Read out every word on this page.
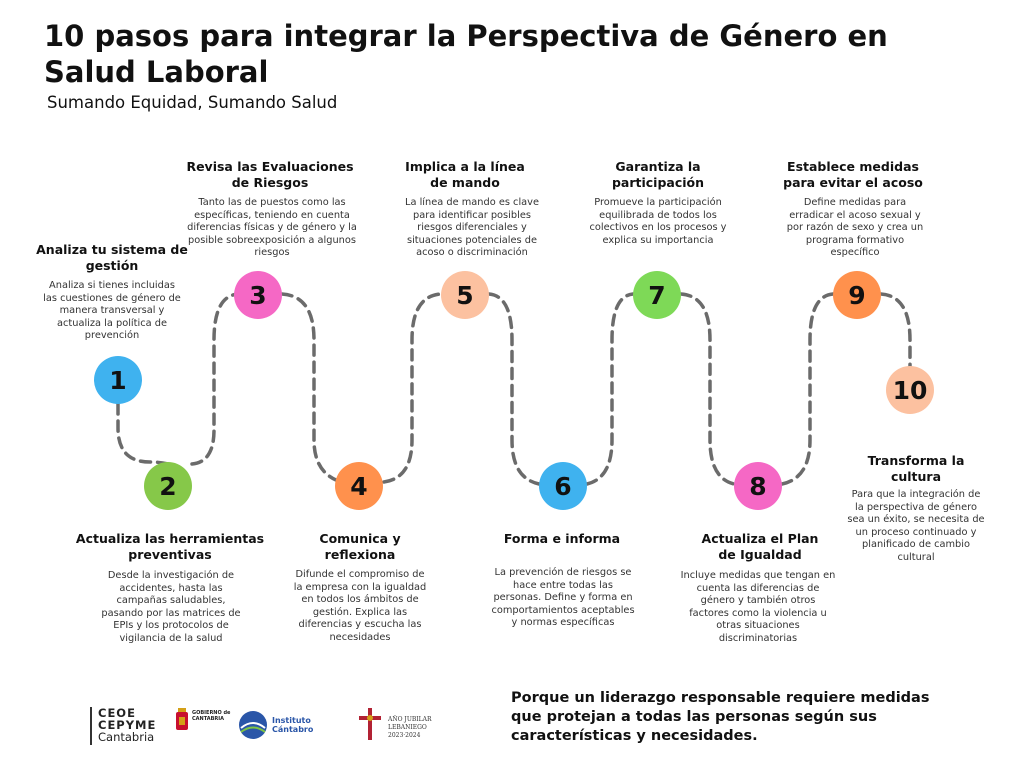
10 pasos para integrar la Perspectiva de Género en Salud Laboral
Sumando Equidad, Sumando Salud
1
2
3
4
5
6
7
8
9
10
Analiza tu sistema de gestión
Analiza si tienes incluidas las cuestiones de género de manera transversal y actualiza la política de prevención
Actualiza las herramientas preventivas
Desde la investigación de accidentes, hasta las campañas saludables, pasando por las matrices de EPIs y los protocolos de vigilancia de la salud
Revisa las Evaluaciones de Riesgos
Tanto las de puestos como las específicas, teniendo en cuenta diferencias físicas y de género y la posible sobreexposición a algunos riesgos
Comunica y reflexiona
Difunde el compromiso de la empresa con la igualdad en todos los ámbitos de gestión. Explica las diferencias y escucha las necesidades
Implica a la línea de mando
La línea de mando es clave para identificar posibles riesgos diferenciales y situaciones potenciales de acoso o discriminación
Forma e informa
La prevención de riesgos se hace entre todas las personas. Define y forma en comportamientos aceptables y normas específicas
Garantiza la participación
Promueve la participación equilibrada de todos los colectivos en los procesos y explica su importancia
Actualiza el Plan de Igualdad
Incluye medidas que tengan en cuenta las diferencias de género y también otros factores como la violencia u otras situaciones discriminatorias
Establece medidas para evitar el acoso
Define medidas para erradicar el acoso sexual y por razón de sexo y crea un programa formativo específico
Transforma la cultura
Para que la integración de la perspectiva de género sea un éxito, se necesita de un proceso continuado y planificado de cambio cultural
Porque un liderazgo responsable requiere medidas que protejan a todas las personas según sus características y necesidades.
CEOE
CEPYME
Cantabria
GOBIERNO de CANTABRIA	Instituto Cántabro
AÑO JUBILAR LEBANIEGO 2023·2024
